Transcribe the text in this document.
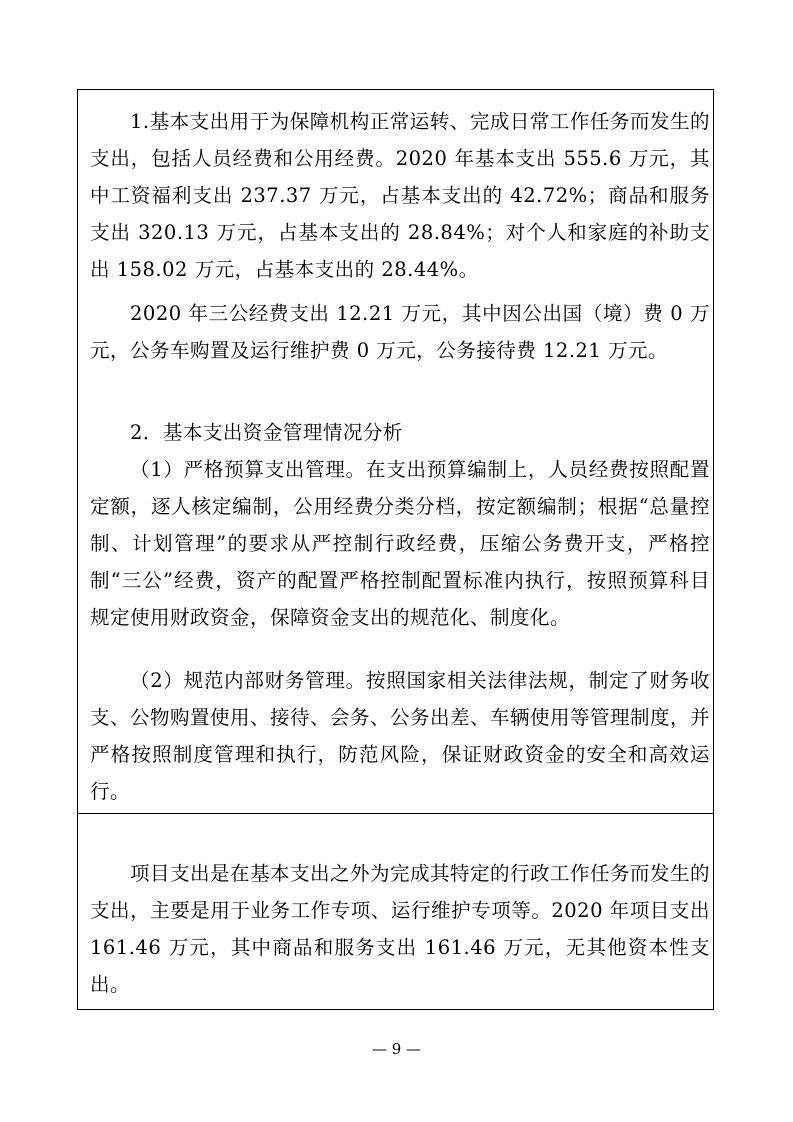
1.基本支出用于为保障机构正常运转、完成日常工作任务而发生的支出，包括人员经费和公用经费。2020 年基本支出 555.6 万元，其中工资福利支出 237.37 万元，占基本支出的 42.72%；商品和服务支出 320.13 万元，占基本支出的 28.84%；对个人和家庭的补助支出 158.02 万元，占基本支出的 28.44%。

2020 年三公经费支出 12.21 万元，其中因公出国（境）费 0 万元，公务车购置及运行维护费 0 万元，公务接待费 12.21 万元。

2．基本支出资金管理情况分析

（1）严格预算支出管理。在支出预算编制上，人员经费按照配置定额，逐人核定编制，公用经费分类分档，按定额编制；根据“总量控制、计划管理”的要求从严控制行政经费，压缩公务费开支，严格控制“三公”经费，资产的配置严格控制配置标准内执行，按照预算科目规定使用财政资金，保障资金支出的规范化、制度化。

（2）规范内部财务管理。按照国家相关法律法规，制定了财务收支、公物购置使用、接待、会务、公务出差、车辆使用等管理制度，并严格按照制度管理和执行，防范风险，保证财政资金的安全和高效运行。

项目支出是在基本支出之外为完成其特定的行政工作任务而发生的支出，主要是用于业务工作专项、运行维护专项等。2020 年项目支出 161.46 万元，其中商品和服务支出 161.46 万元，无其他资本性支出。

— 9 —
